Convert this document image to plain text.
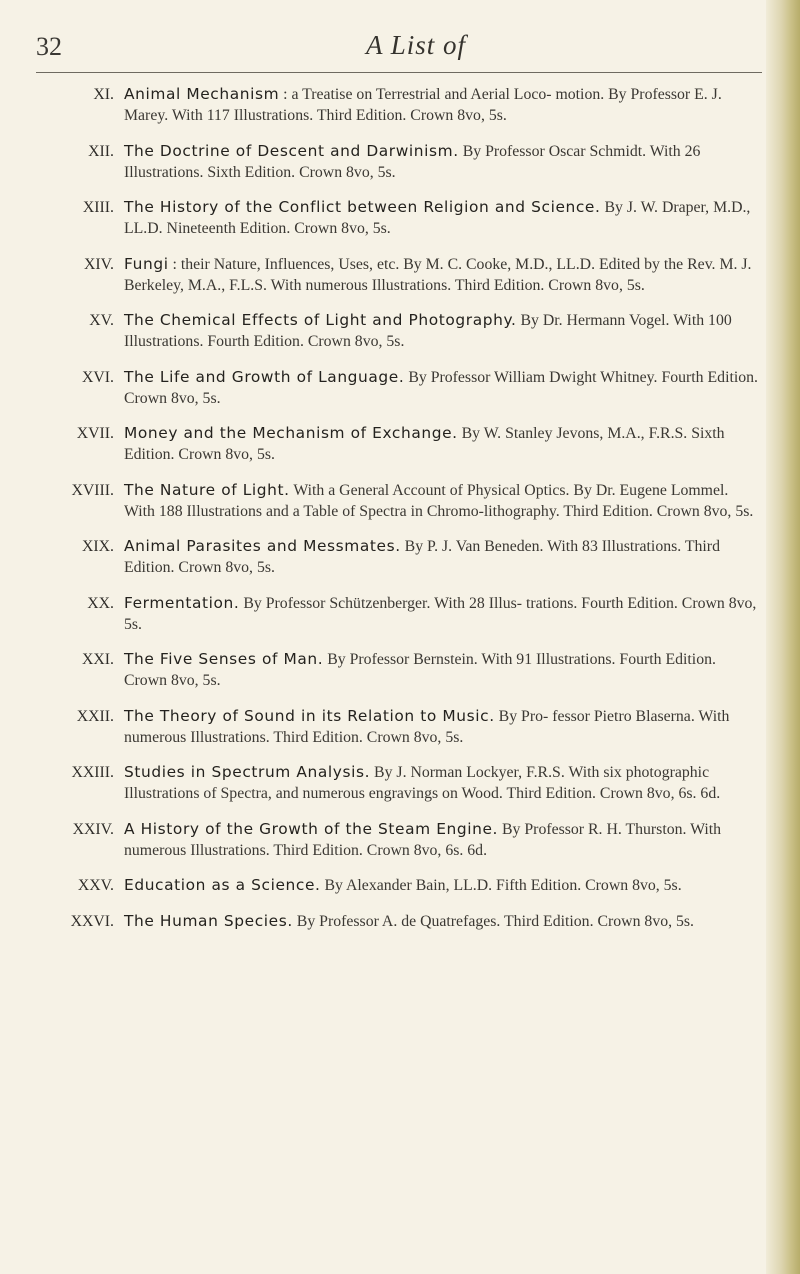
32	A List of
XI. Animal Mechanism : a Treatise on Terrestrial and Aerial Loco- motion. By Professor E. J. Marey. With 117 Illustrations. Third Edition. Crown 8vo, 5s.
XII. The Doctrine of Descent and Darwinism. By Professor Oscar Schmidt. With 26 Illustrations. Sixth Edition. Crown 8vo, 5s.
XIII. The History of the Conflict between Religion and Science. By J. W. Draper, M.D., LL.D. Nineteenth Edition. Crown 8vo, 5s.
XIV. Fungi : their Nature, Influences, Uses, etc. By M. C. Cooke, M.D., LL.D. Edited by the Rev. M. J. Berkeley, M.A., F.L.S. With numerous Illustrations. Third Edition. Crown 8vo, 5s.
XV. The Chemical Effects of Light and Photography. By Dr. Hermann Vogel. With 100 Illustrations. Fourth Edition. Crown 8vo, 5s.
XVI. The Life and Growth of Language. By Professor William Dwight Whitney. Fourth Edition. Crown 8vo, 5s.
XVII. Money and the Mechanism of Exchange. By W. Stanley Jevons, M.A., F.R.S. Sixth Edition. Crown 8vo, 5s.
XVIII. The Nature of Light. With a General Account of Physical Optics. By Dr. Eugene Lommel. With 188 Illustrations and a Table of Spectra in Chromo-lithography. Third Edition. Crown 8vo, 5s.
XIX. Animal Parasites and Messmates. By P. J. Van Beneden. With 83 Illustrations. Third Edition. Crown 8vo, 5s.
XX. Fermentation. By Professor Schützenberger. With 28 Illus- trations. Fourth Edition. Crown 8vo, 5s.
XXI. The Five Senses of Man. By Professor Bernstein. With 91 Illustrations. Fourth Edition. Crown 8vo, 5s.
XXII. The Theory of Sound in its Relation to Music. By Pro- fessor Pietro Blaserna. With numerous Illustrations. Third Edition. Crown 8vo, 5s.
XXIII. Studies in Spectrum Analysis. By J. Norman Lockyer, F.R.S. With six photographic Illustrations of Spectra, and numerous engravings on Wood. Third Edition. Crown 8vo, 6s. 6d.
XXIV. A History of the Growth of the Steam Engine. By Professor R. H. Thurston. With numerous Illustrations. Third Edition. Crown 8vo, 6s. 6d.
XXV. Education as a Science. By Alexander Bain, LL.D. Fifth Edition. Crown 8vo, 5s.
XXVI. The Human Species. By Professor A. de Quatrefages. Third Edition. Crown 8vo, 5s.
